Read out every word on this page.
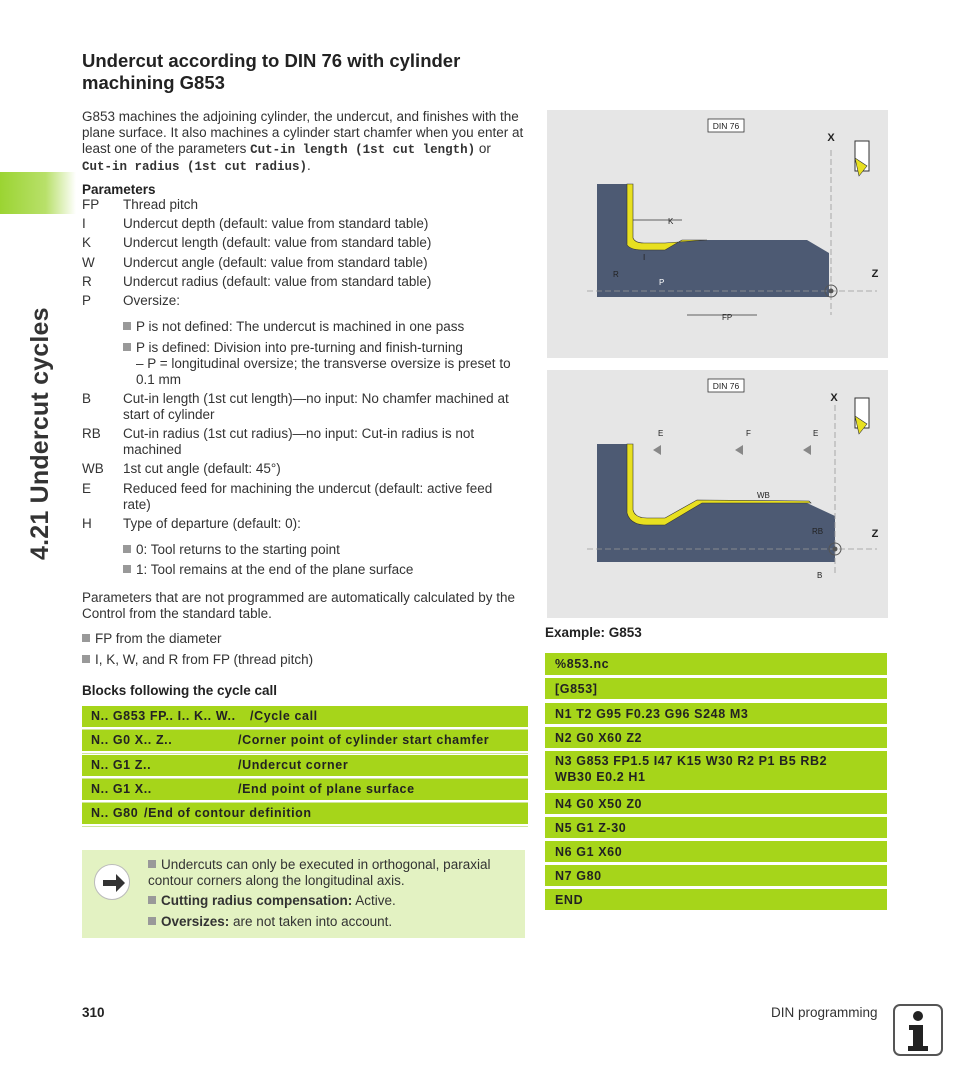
4.21 Undercut cycles
Undercut according to DIN 76 with cylinder machining G853
G853 machines the adjoining cylinder, the undercut, and finishes with the plane surface. It also machines a cylinder start chamfer when you enter at least one of the parameters Cut-in length (1st cut length) or Cut-in radius (1st cut radius).
Parameters
FP	Thread pitch
I	Undercut depth (default: value from standard table)
K	Undercut length (default: value from standard table)
W	Undercut angle (default: value from standard table)
R	Undercut radius (default: value from standard table)
P	Oversize:
P is not defined: The undercut is machined in one pass
P is defined: Division into pre-turning and finish-turning
– P = longitudinal oversize; the transverse oversize is preset to 0.1 mm
B	Cut-in length (1st cut length)—no input: No chamfer machined at start of cylinder
RB	Cut-in radius (1st cut radius)—no input: Cut-in radius is not machined
WB	1st cut angle (default: 45°)
E	Reduced feed for machining the undercut (default: active feed rate)
H	Type of departure (default: 0):
0: Tool returns to the starting point
1: Tool remains at the end of the plane surface
Parameters that are not programmed are automatically calculated by the Control from the standard table.
FP from the diameter
I, K, W, and R from FP (thread pitch)
Blocks following the cycle call
N.. G853 FP.. I.. K.. W.. /Cycle call
N.. G0 X.. Z..	/Corner point of cylinder start chamfer
N.. G1 Z..	/Undercut corner
N.. G1 X..	/End point of plane surface
N.. G80 /End of contour definition
Undercuts can only be executed in orthogonal, paraxial contour corners along the longitudinal axis.
Cutting radius compensation: Active.
Oversizes: are not taken into account.
DIN 76
X
Z
K
I
R
P
FP
DIN 76
X
Z
E	F	E
WB
RB
B
Example: G853
%853.nc
[G853]
N1 T2 G95 F0.23 G96 S248 M3
N2 G0 X60 Z2
N3 G853 FP1.5 I47 K15 W30 R2 P1 B5 RB2
WB30 E0.2 H1
N4 G0 X50 Z0
N5 G1 Z-30
N6 G1 X60
N7 G80
END
310	DIN programming
